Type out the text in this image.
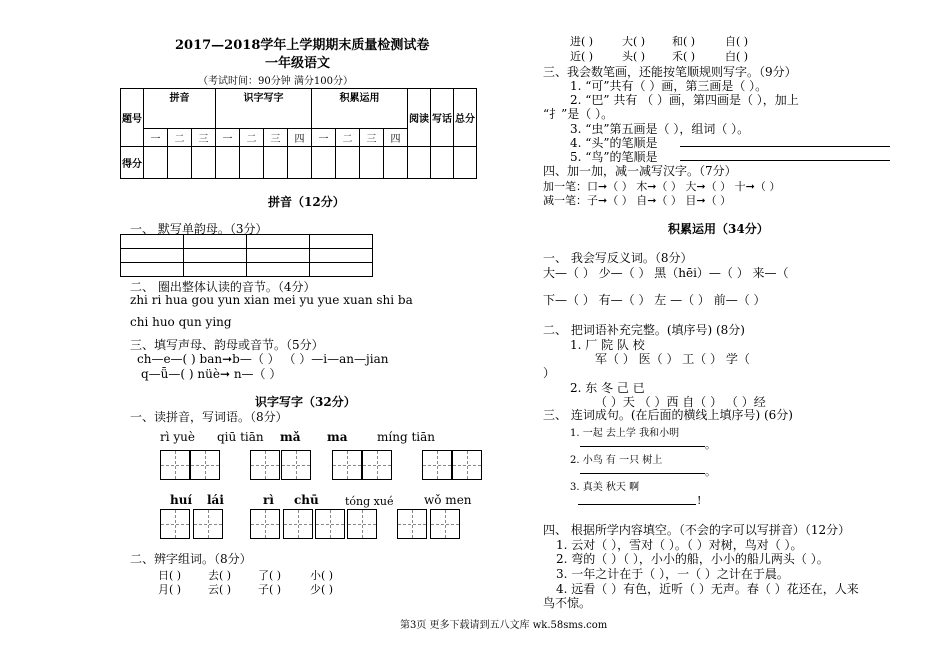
2017—2018学年上学期期末质量检测试卷
一年级语文
（考试时间：90分钟 满分100分）
题号	拼音			识字写字				积累运用				阅读	写话	总分
	一	二	三	一	二	三	四	一	二	三	四			
得分														
拼音（12分）
一、 默写单韵母。（3分）

二、 圈出整体认读的音节。（4分）
zhi ri hua gou yun xian mei yu yue xuan shi ba
chi huo qun ying
三、填写声母、韵母或音节。（5分）
ch—e—( ) ban➞b—（ ） （ ）—i—an—jian
q—ǖ—( ) nüè➞ n—（ ）
识字写字（32分）
一、读拼音，写词语。（8分）
rì yuè qiū tiān mǎ ma míng tiān
huí lái	rì chū tóng xué	wǒ men
二、辨字组词。（8分）
日( ) 去( ) 了( )	小( )
月( ) 云( ) 子( )	少( )
进( )	大( ) 和( )	自( )
近( )	头( ) 禾( )	白( )
三、我会数笔画，还能按笔顺规则写字。（9分）
1. “可”共有（ ）画，第三画是（ ）。
2. “巴” 共有 （ ）画，第四画是（ ），加上
“扌”是（ ）。
3. “虫”第五画是（ ），组词（ ）。
4. “头”的笔顺是
5. “鸟”的笔顺是
四、加一加，减一减写汉字。（7分）
加一笔：口➞（ ） 木➞（ ） 大➞（ ） 十➞（ ）
减一笔：子➞（ ） 自➞（ ） 目➞（ ）
积累运用（34分）
一、 我会写反义词。（8分）
大—（ ） 少—（ ） 黑（hēi）—（ ） 来—（
下—（ ） 有—（ ） 左 —（ ） 前—（ ）
二、 把词语补充完整。(填序号) (8分)
1. 厂 院 队 校
军（ ） 医（ ） 工（ ） 学（
）
2. 东 冬 己 已
（ ）天 （ ）西 自（ ） （ ）经
三、 连词成句。(在后面的横线上填序号) (6分)
1. 一起 去上学 我和小明
。
2. 小鸟 有 一只 树上
。
3. 真美 秋天 啊
!
四、 根据所学内容填空。（不会的字可以写拼音）（12分）
1. 云对（ ），雪对（ ）。（ ）对树，鸟对（ ）。
2. 弯的（ ）（ ），小小的船，小小的船儿两头（ ）。
3. 一年之计在于（ ），一（ ）之计在于晨。
4. 远看（ ）有色，近听（ ）无声。春（ ）花还在，人来
鸟不惊。
第3页 更多下载请到五八文库 wk.58sms.com
